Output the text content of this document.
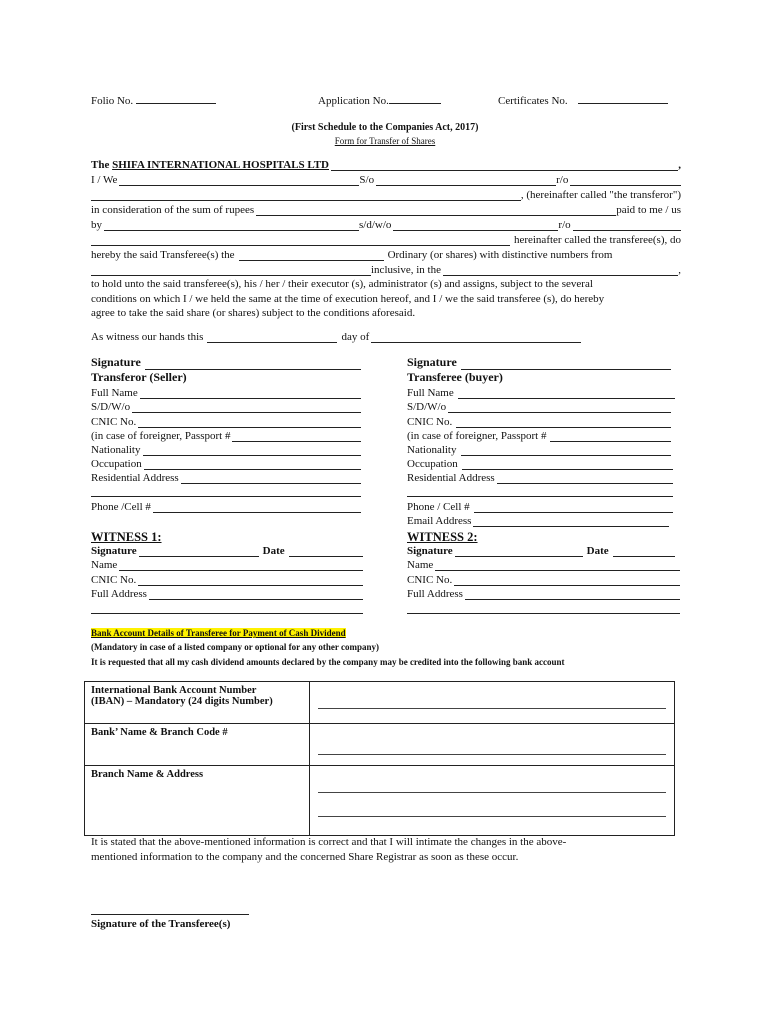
Folio No.	Application No.	Certificates No.
(First Schedule to the Companies Act, 2017)
Form for Transfer of Shares
The
SHIFA INTERNATIONAL HOSPITALS LTD	,
I / We	S/o	r/o
, (hereinafter called "the transferor")
in consideration of the sum of rupees	paid to me / us
by	s/d/w/o	r/o
hereinafter called the transferee(s), do
hereby the said Transferee(s) the	Ordinary (or shares) with distinctive numbers from
inclusive, in the	,
to hold unto the said transferee(s), his / her / their executor (s), administrator (s) and assigns, subject to the several
conditions on which I / we held the same at the time of execution hereof, and I / we the said transferee (s), do hereby
agree to take the said share (or shares) subject to the conditions aforesaid.
As witness our hands this	day of
Signature
Transferor (Seller)
Full Name
S/D/W/o
CNIC No.
(in case of foreigner, Passport #
Nationality
Occupation
Residential Address
Phone /Cell #
Signature
Transferee (buyer)
Full Name
S/D/W/o
CNIC No.
(in case of foreigner, Passport #
Nationality
Occupation
Residential Address
Phone / Cell #
Email Address
WITNESS 1:
Signature	Date
Name
CNIC No.
Full Address
WITNESS 2:
Signature	Date
Name
CNIC No.
Full Address
Bank Account Details of Transferee for Payment of Cash Dividend
(Mandatory in case of a listed company or optional for any other company)
It is requested that all my cash dividend amounts declared by the company may be credited into the following bank account
International Bank Account Number
(IBAN) – Mandatory (24 digits Number)	

Bank’ Name & Branch Code #	

Branch Name & Address	

It is stated that the above-mentioned information is correct and that I will intimate the changes in the above-
mentioned information to the company and the concerned Share Registrar as soon as these occur.
Signature of the Transferee(s)
